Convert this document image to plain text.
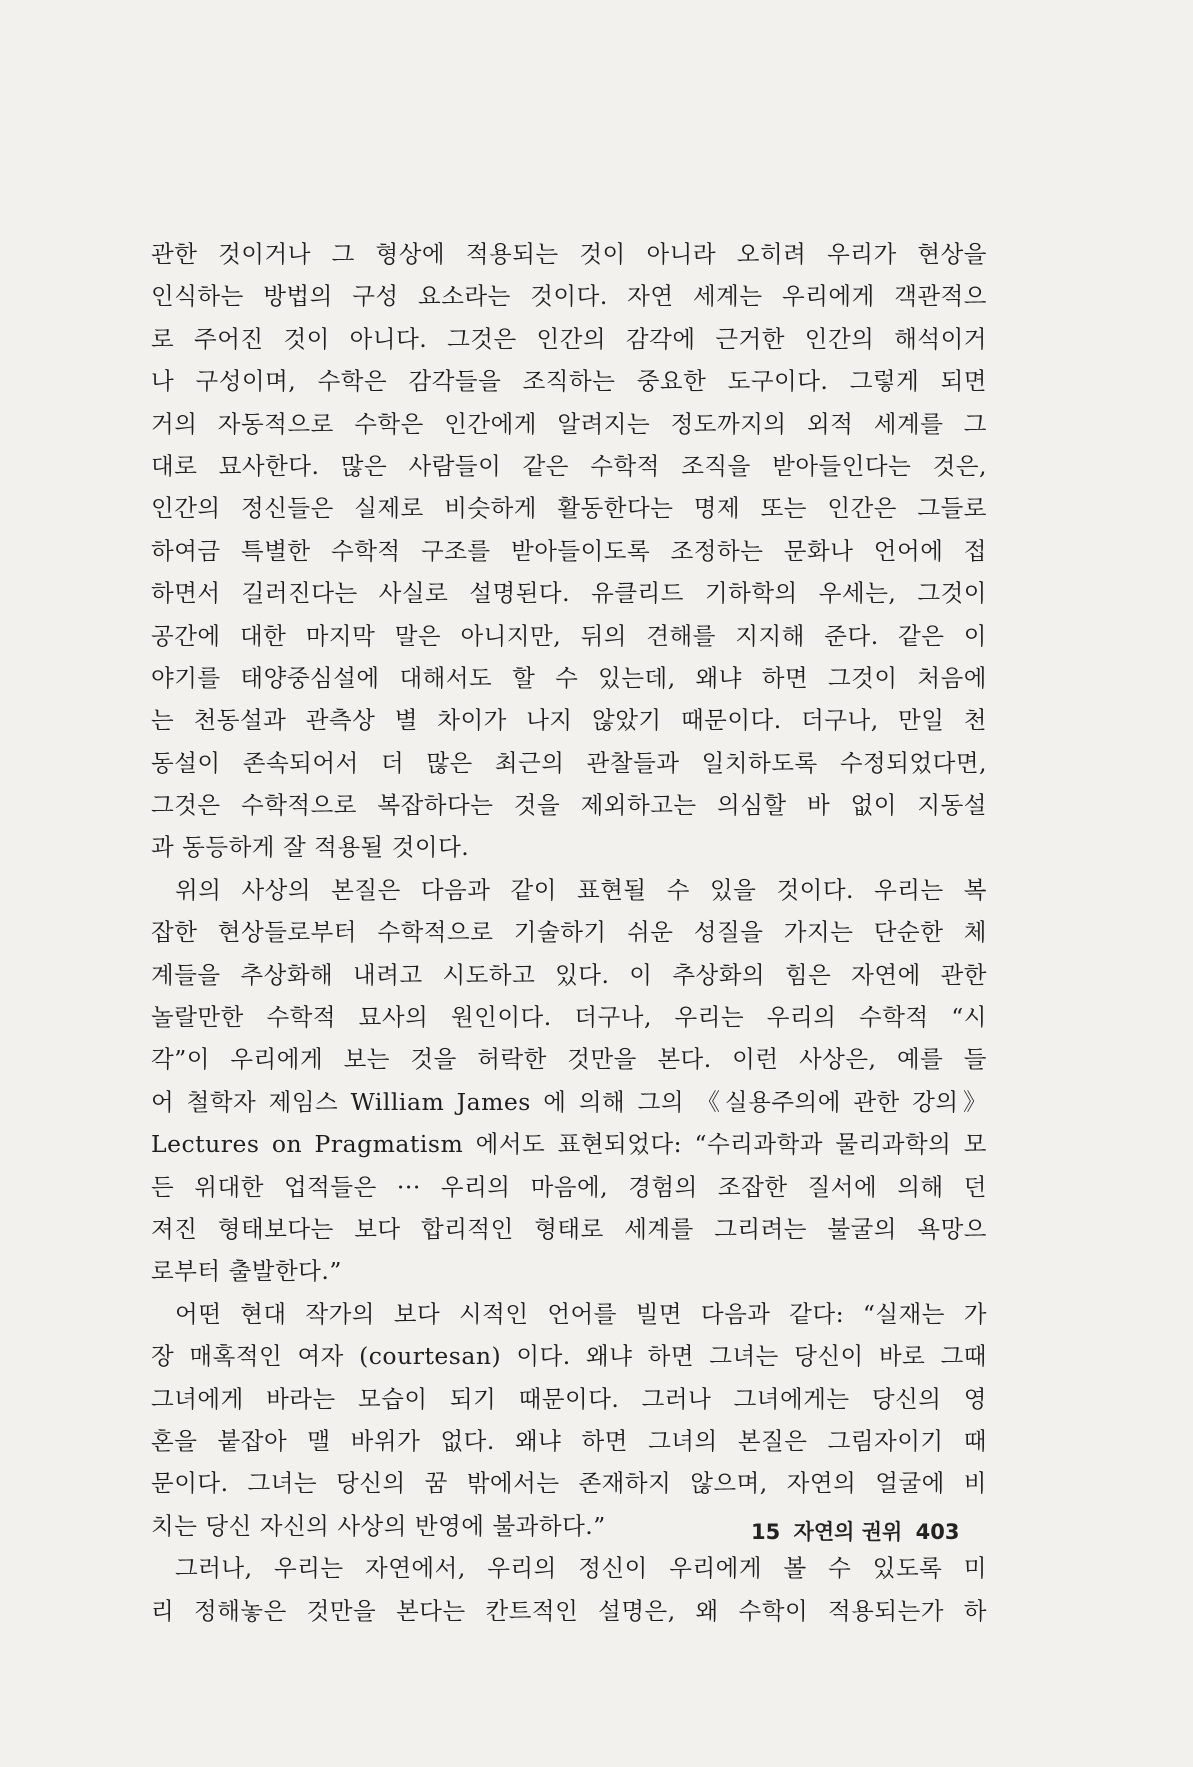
관한 것이거나 그 형상에 적용되는 것이 아니라 오히려 우리가 현상을
인식하는 방법의 구성 요소라는 것이다. 자연 세계는 우리에게 객관적으
로 주어진 것이 아니다. 그것은 인간의 감각에 근거한 인간의 해석이거
나 구성이며, 수학은 감각들을 조직하는 중요한 도구이다. 그렇게 되면
거의 자동적으로 수학은 인간에게 알려지는 정도까지의 외적 세계를 그
대로 묘사한다. 많은 사람들이 같은 수학적 조직을 받아들인다는 것은,
인간의 정신들은 실제로 비슷하게 활동한다는 명제 또는 인간은 그들로
하여금 특별한 수학적 구조를 받아들이도록 조정하는 문화나 언어에 접
하면서 길러진다는 사실로 설명된다. 유클리드 기하학의 우세는, 그것이
공간에 대한 마지막 말은 아니지만, 뒤의 견해를 지지해 준다. 같은 이
야기를 태양중심설에 대해서도 할 수 있는데, 왜냐 하면 그것이 처음에
는 천동설과 관측상 별 차이가 나지 않았기 때문이다. 더구나, 만일 천
동설이 존속되어서 더 많은 최근의 관찰들과 일치하도록 수정되었다면,
그것은 수학적으로 복잡하다는 것을 제외하고는 의심할 바 없이 지동설
과 동등하게 잘 적용될 것이다.
위의 사상의 본질은 다음과 같이 표현될 수 있을 것이다. 우리는 복
잡한 현상들로부터 수학적으로 기술하기 쉬운 성질을 가지는 단순한 체
계들을 추상화해 내려고 시도하고 있다. 이 추상화의 힘은 자연에 관한
놀랄만한 수학적 묘사의 원인이다. 더구나, 우리는 우리의 수학적 “시
각”이 우리에게 보는 것을 허락한 것만을 본다. 이런 사상은, 예를 들
어 철학자 제임스 William James 에 의해 그의 《실용주의에 관한 강의》
Lectures on Pragmatism 에서도 표현되었다: “수리과학과 물리과학의 모
든 위대한 업적들은 ··· 우리의 마음에, 경험의 조잡한 질서에 의해 던
져진 형태보다는 보다 합리적인 형태로 세계를 그리려는 불굴의 욕망으
로부터 출발한다.”
어떤 현대 작가의 보다 시적인 언어를 빌면 다음과 같다: “실재는 가
장 매혹적인 여자 (courtesan) 이다. 왜냐 하면 그녀는 당신이 바로 그때
그녀에게 바라는 모습이 되기 때문이다. 그러나 그녀에게는 당신의 영
혼을 붙잡아 맬 바위가 없다. 왜냐 하면 그녀의 본질은 그림자이기 때
문이다. 그녀는 당신의 꿈 밖에서는 존재하지 않으며, 자연의 얼굴에 비
치는 당신 자신의 사상의 반영에 불과하다.”
그러나, 우리는 자연에서, 우리의 정신이 우리에게 볼 수 있도록 미
리 정해놓은 것만을 본다는 칸트적인 설명은, 왜 수학이 적용되는가 하
15 자연의 권위 403
